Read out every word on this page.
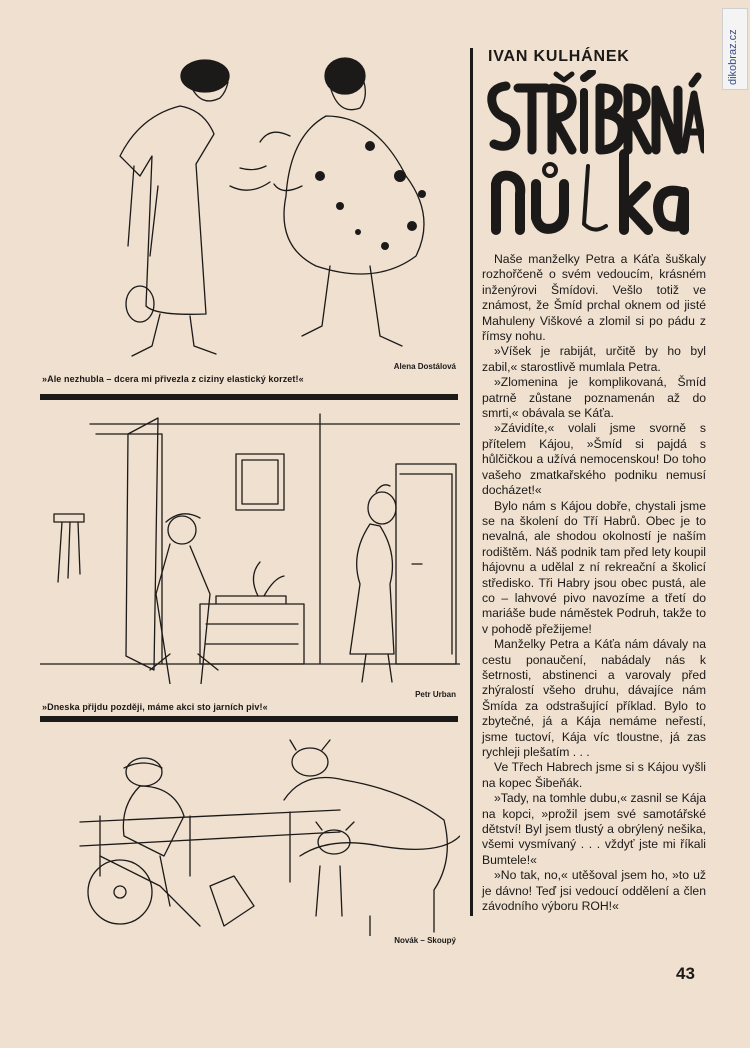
dikobraz.cz
»Ale nezhubla – dcera mi přivezla z ciziny elastický korzet!«
Alena Dostálová
Petr Urban
»Dneska přijdu později, máme akci sto jarních piv!«
Novák – Skoupý
IVAN KULHÁNEK

Naše manželky Petra a Káťa šuškaly rozhořčeně o svém vedoucím, krásném inženýrovi Šmídovi. Vešlo totiž ve známost, že Šmíd prchal oknem od jisté Mahuleny Viškové a zlomil si po pádu z římsy nohu.

»Víšek je rabiját, určitě by ho byl zabil,« starostlivě mumlala Petra.

»Zlomenina je komplikovaná, Šmíd patrně zůstane poznamenán až do smrti,« obávala se Káťa.

»Závidíte,« volali jsme svorně s přítelem Kájou, »Šmíd si pajdá s hůlčičkou a užívá nemocenskou! Do toho vašeho zmatkařského podniku nemusí docházet!«

Bylo nám s Kájou dobře, chystali jsme se na školení do Tří Habrů. Obec je to nevalná, ale shodou okolností je naším rodištěm. Náš podnik tam před lety koupil hájovnu a udělal z ní rekreační a školicí středisko. Tři Habry jsou obec pustá, ale co – lahvové pivo navozíme a třetí do mariáše bude náměstek Podruh, takže to v pohodě přežijeme!

Manželky Petra a Káťa nám dávaly na cestu ponaučení, nabádaly nás k šetrnosti, abstinenci a varovaly před zhýralostí všeho druhu, dávajíce nám Šmída za odstrašující příklad. Bylo to zbytečné, já a Kája nemáme neřestí, jsme tuctoví, Kája víc tloustne, já zas rychleji plešatím . . .

Ve Třech Habrech jsme si s Kájou vyšli na kopec Šibeňák.

»Tady, na tomhle dubu,« zasnil se Kája na kopci, »prožil jsem své samotářské dětství! Byl jsem tlustý a obrýlený nešika, všemi vysmívaný . . . vždyť jste mi říkali Bumtele!«

»No tak, no,« utěšoval jsem ho, »to už je dávno! Teď jsi vedoucí oddělení a člen závodního výboru ROH!«

43
